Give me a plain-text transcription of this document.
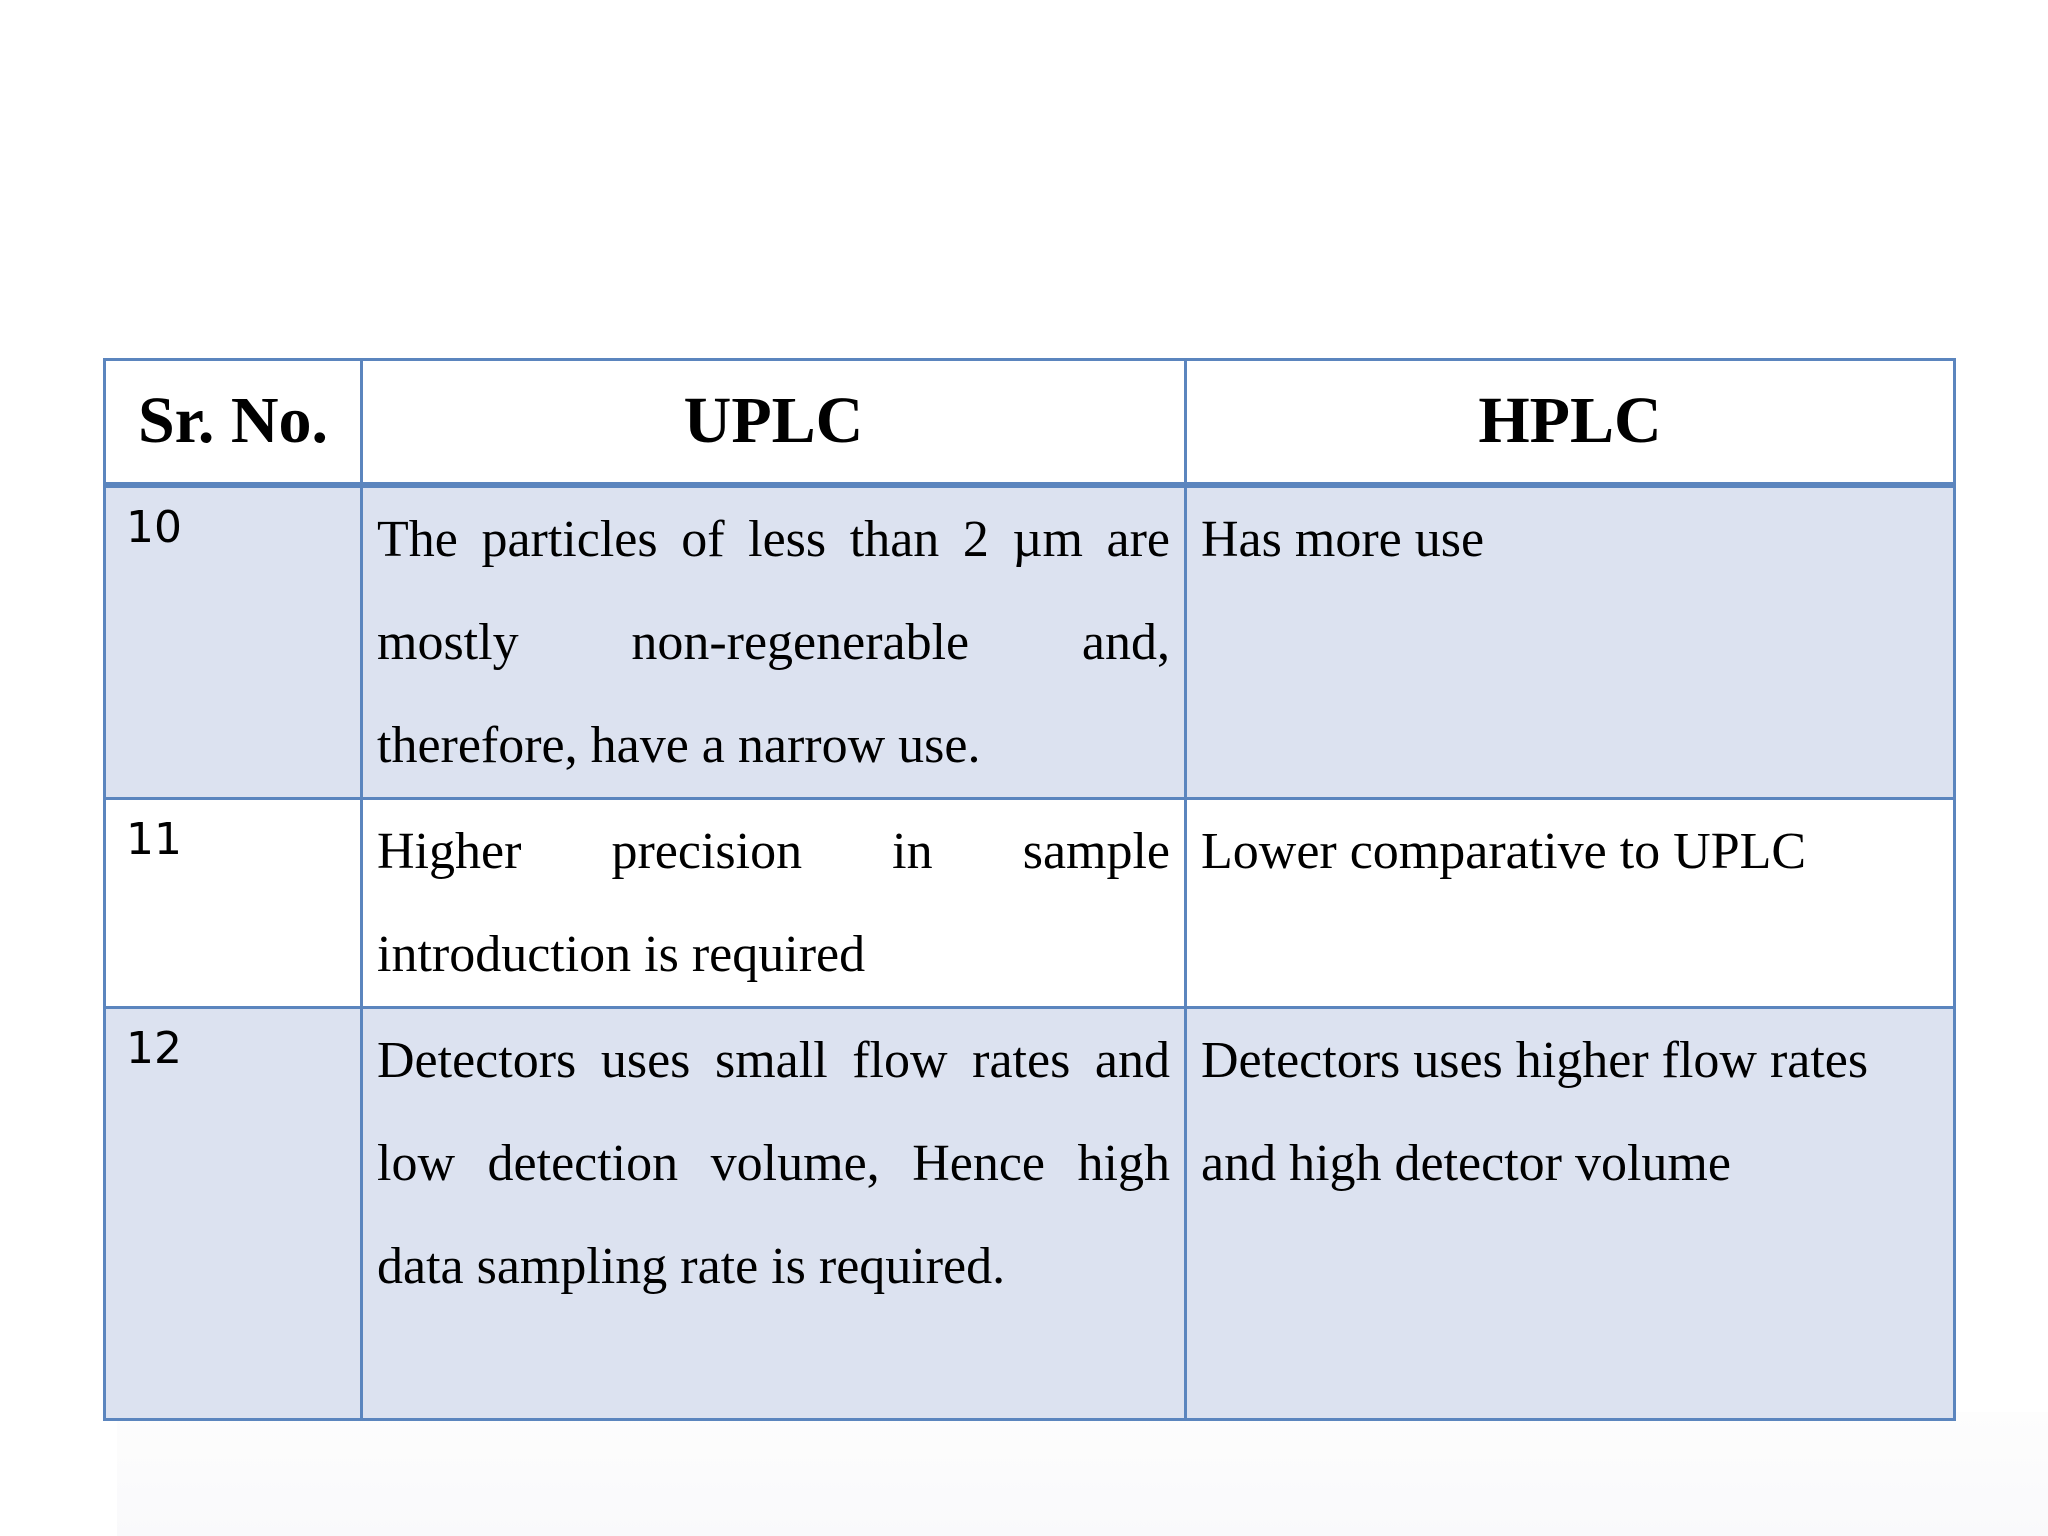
Sr. No.	UPLC	HPLC
10	The particles of less than 2 µm are mostly non-regenerable and, therefore, have a narrow use.	Has more use
11	Higher precision in sample introduction is required	Lower comparative to UPLC
12	Detectors uses small flow rates and low detection volume, Hence high data sampling rate is required.	Detectors uses higher flow rates and high detector volume
